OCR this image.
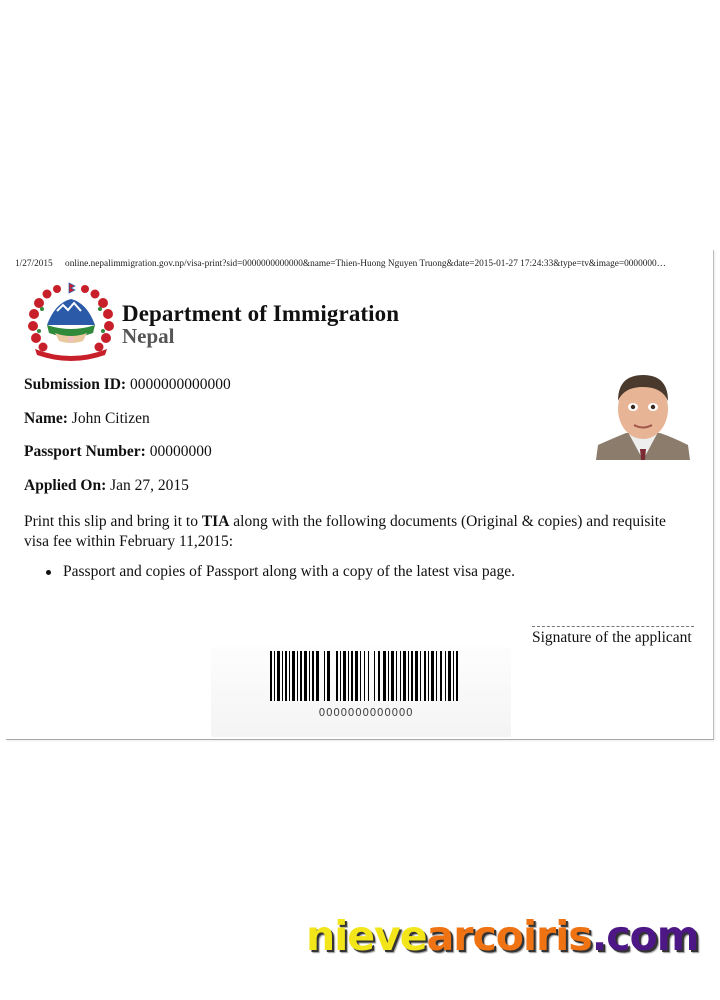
1/27/2015 online.nepalimmigration.gov.np/visa-print?sid=0000000000000&name=Thien-Huong Nguyen Truong&date=2015-01-27 17:24:33&type=tv&image=0000000…
Department of Immigration
Nepal
Submission ID: 0000000000000
Name: John Citizen
Passport Number: 00000000
Applied On: Jan 27, 2015
Print this slip and bring it to TIA along with the following documents (Original & copies) and requisite visa fee within February 11,2015:
Passport and copies of Passport along with a copy of the latest visa page.
Signature of the applicant
0000000000000
nievearcoiris.com
